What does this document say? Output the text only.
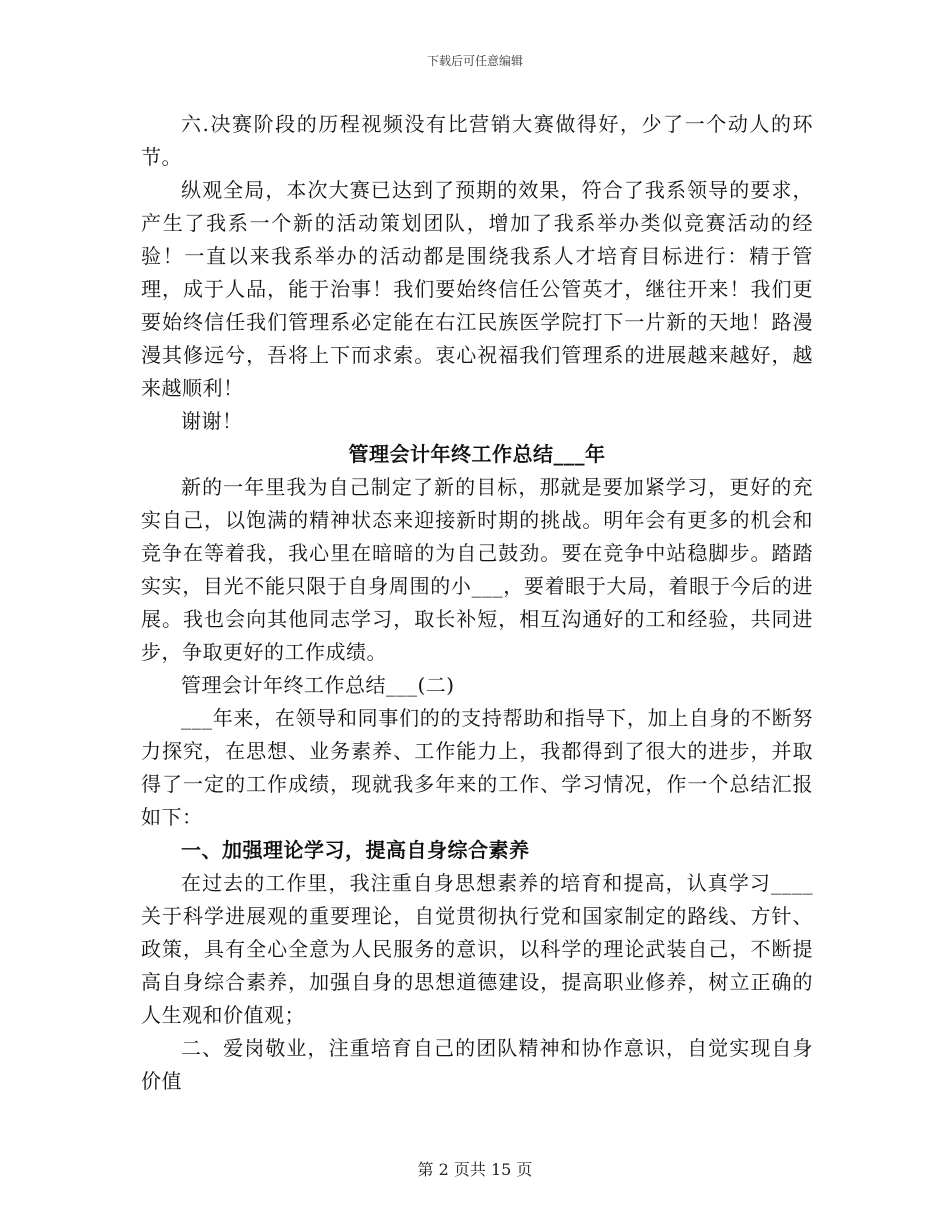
下载后可任意编辑

六.决赛阶段的历程视频没有比营销大赛做得好，少了一个动人的环节。

纵观全局，本次大赛已达到了预期的效果，符合了我系领导的要求，产生了我系一个新的活动策划团队，增加了我系举办类似竞赛活动的经验！一直以来我系举办的活动都是围绕我系人才培育目标进行：精于管理，成于人品，能于治事！我们要始终信任公管英才，继往开来！我们更要始终信任我们管理系必定能在右江民族医学院打下一片新的天地！路漫漫其修远兮，吾将上下而求索。衷心祝福我们管理系的进展越来越好，越来越顺利！

谢谢！

管理会计年终工作总结___年

新的一年里我为自己制定了新的目标，那就是要加紧学习，更好的充实自己，以饱满的精神状态来迎接新时期的挑战。明年会有更多的机会和竞争在等着我，我心里在暗暗的为自己鼓劲。要在竞争中站稳脚步。踏踏实实，目光不能只限于自身周围的小___，要着眼于大局，着眼于今后的进展。我也会向其他同志学习，取长补短，相互沟通好的工和经验，共同进步，争取更好的工作成绩。

管理会计年终工作总结___(二)

___年来，在领导和同事们的的支持帮助和指导下，加上自身的不断努力探究，在思想、业务素养、工作能力上，我都得到了很大的进步，并取得了一定的工作成绩，现就我多年来的工作、学习情况，作一个总结汇报如下：

一、加强理论学习，提高自身综合素养

在过去的工作里，我注重自身思想素养的培育和提高，认真学习____关于科学进展观的重要理论，自觉贯彻执行党和国家制定的路线、方针、政策，具有全心全意为人民服务的意识，以科学的理论武装自己，不断提高自身综合素养，加强自身的思想道德建设，提高职业修养，树立正确的人生观和价值观；

二、爱岗敬业，注重培育自己的团队精神和协作意识，自觉实现自身价值

第 2 页共 15 页
